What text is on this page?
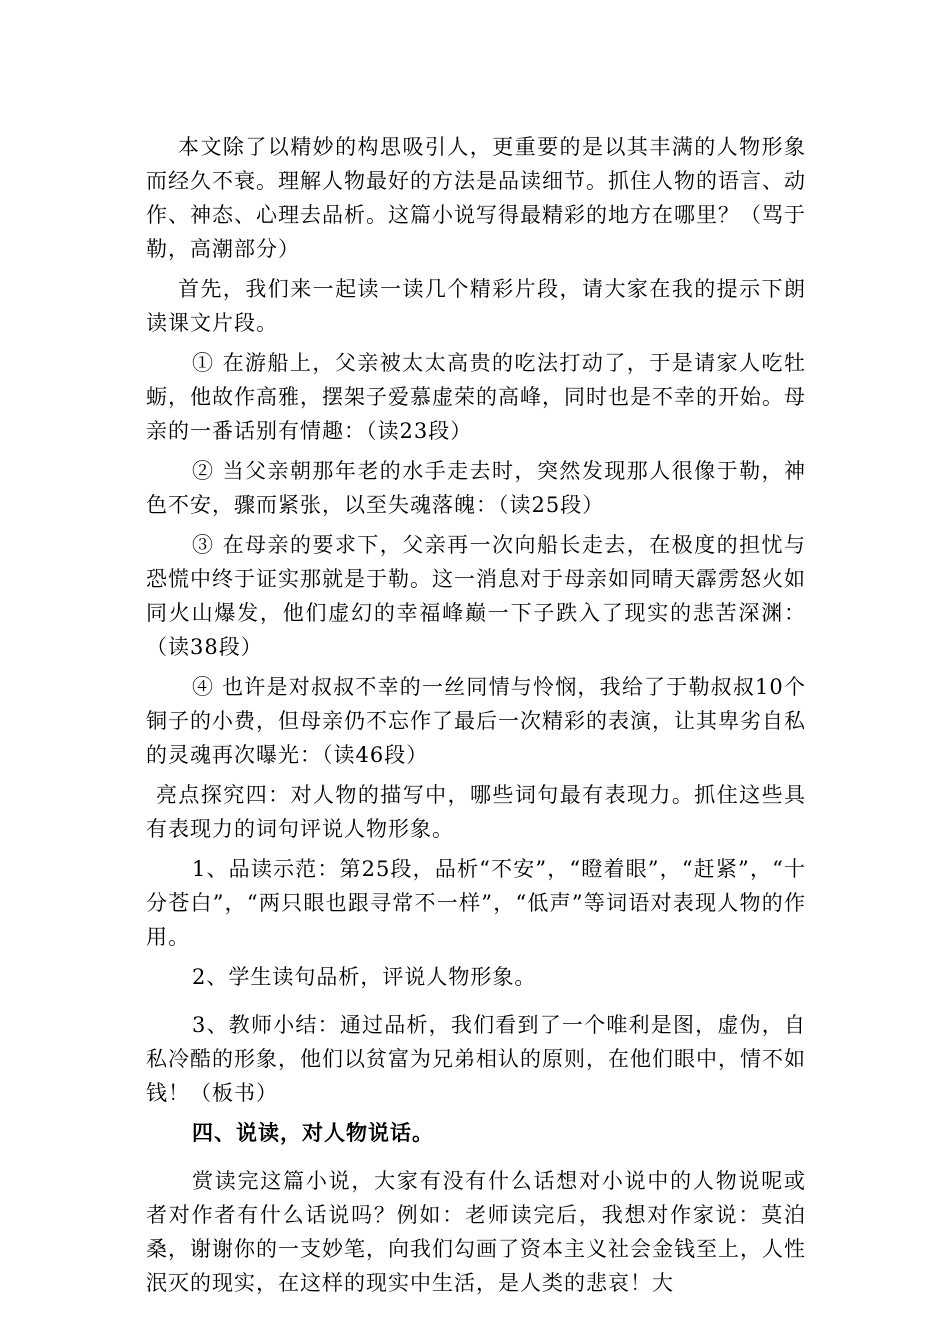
本文除了以精妙的构思吸引人，更重要的是以其丰满的人物形象而经久不衰。理解人物最好的方法是品读细节。抓住人物的语言、动作、神态、心理去品析。这篇小说写得最精彩的地方在哪里？（骂于勒，高潮部分）

首先，我们来一起读一读几个精彩片段，请大家在我的提示下朗读课文片段。

① 在游船上，父亲被太太高贵的吃法打动了，于是请家人吃牡蛎，他故作高雅，摆架子爱慕虚荣的高峰，同时也是不幸的开始。母亲的一番话别有情趣：（读23段）

② 当父亲朝那年老的水手走去时，突然发现那人很像于勒，神色不安，骤而紧张，以至失魂落魄：（读25段）

③ 在母亲的要求下，父亲再一次向船长走去，在极度的担忧与恐慌中终于证实那就是于勒。这一消息对于母亲如同晴天霹雳怒火如同火山爆发，他们虚幻的幸福峰巅一下子跌入了现实的悲苦深渊：（读38段）

④ 也许是对叔叔不幸的一丝同情与怜悯，我给了于勒叔叔10个铜子的小费，但母亲仍不忘作了最后一次精彩的表演，让其卑劣自私的灵魂再次曝光：（读46段）

亮点探究四：对人物的描写中，哪些词句最有表现力。抓住这些具有表现力的词句评说人物形象。

1、品读示范：第25段，品析“不安”，“瞪着眼”，“赶紧”，“十分苍白”，“两只眼也跟寻常不一样”，“低声”等词语对表现人物的作用。

2、学生读句品析，评说人物形象。

3、教师小结：通过品析，我们看到了一个唯利是图，虚伪，自私冷酷的形象，他们以贫富为兄弟相认的原则，在他们眼中，情不如钱！（板书）

四、说读，对人物说话。

赏读完这篇小说，大家有没有什么话想对小说中的人物说呢或者对作者有什么话说吗？例如：老师读完后，我想对作家说：莫泊桑，谢谢你的一支妙笔，向我们勾画了资本主义社会金钱至上，人性泯灭的现实，在这样的现实中生活，是人类的悲哀！大
